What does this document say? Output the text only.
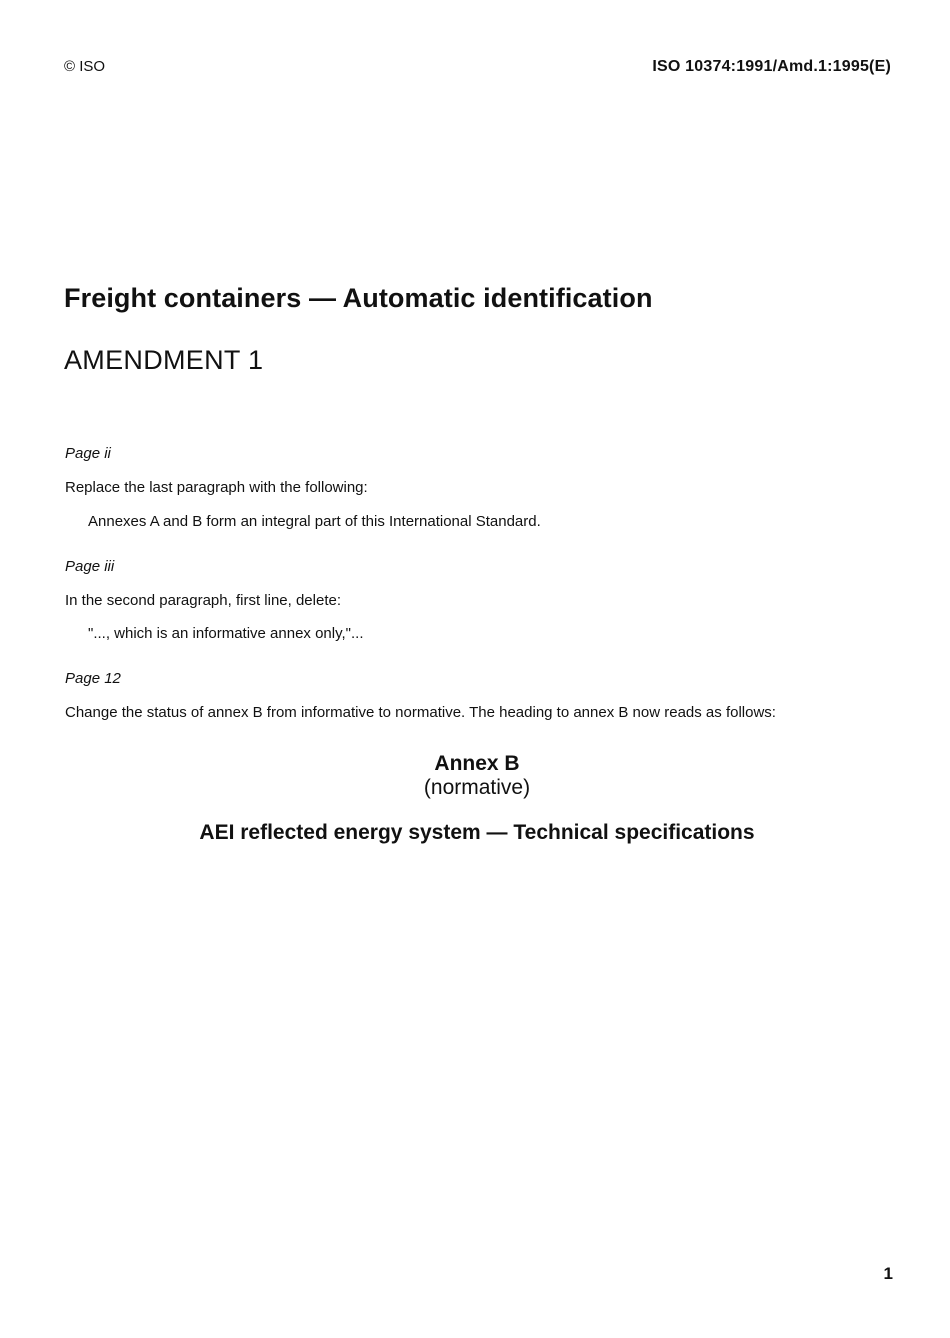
© ISO	ISO 10374:1991/Amd.1:1995(E)
Freight containers — Automatic identification
AMENDMENT 1
Page ii
Replace the last paragraph with the following:
Annexes A and B form an integral part of this International Standard.
Page iii
In the second paragraph, first line, delete:
"..., which is an informative annex only,"...
Page 12
Change the status of annex B from informative to normative. The heading to annex B now reads as follows:
Annex B
(normative)
AEI reflected energy system — Technical specifications
1
